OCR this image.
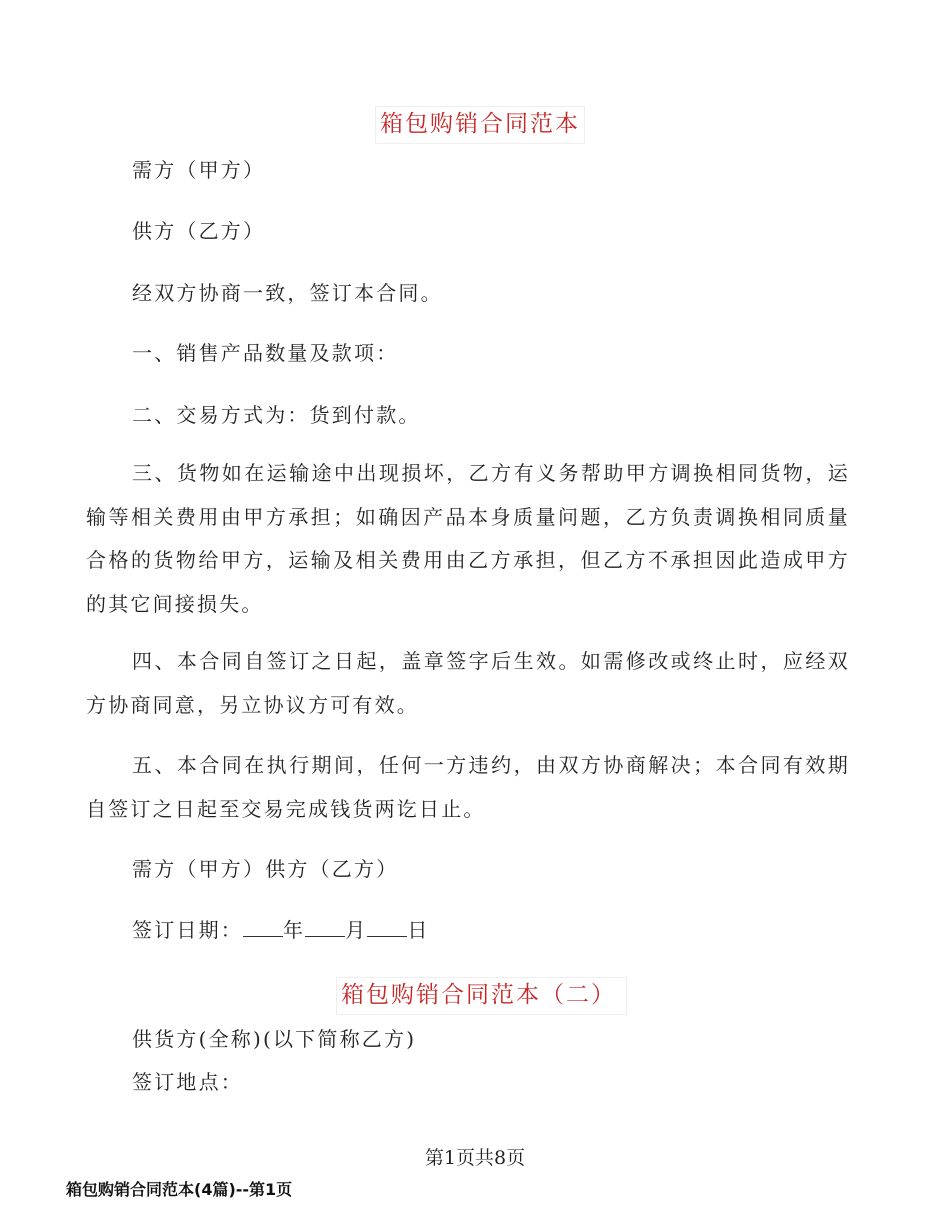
箱包购销合同范本
需方（甲方）
供方（乙方）
经双方协商一致，签订本合同。
一、销售产品数量及款项：
二、交易方式为：货到付款。
三、货物如在运输途中出现损坏，乙方有义务帮助甲方调换相同货物，运输等相关费用由甲方承担；如确因产品本身质量问题，乙方负责调换相同质量合格的货物给甲方，运输及相关费用由乙方承担，但乙方不承担因此造成甲方的其它间接损失。
四、本合同自签订之日起，盖章签字后生效。如需修改或终止时，应经双方协商同意，另立协议方可有效。
五、本合同在执行期间，任何一方违约，由双方协商解决；本合同有效期自签订之日起至交易完成钱货两讫日止。
需方（甲方）供方（乙方）
签订日期： 年 月 日
箱包购销合同范本（二）
供货方(全称)(以下简称乙方)
签订地点：
第1页共8页
箱包购销合同范本(4篇)--第1页
